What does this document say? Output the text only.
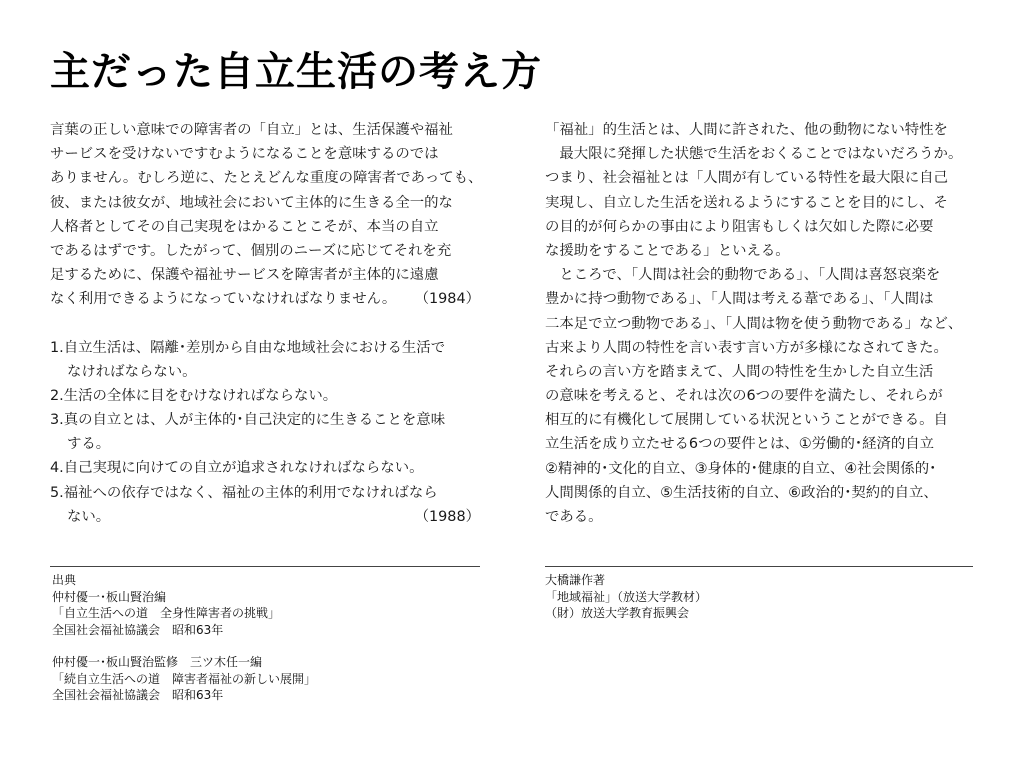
主だった自立生活の考え方
言葉の正しい意味での障害者の「自立」とは、生活保護や福祉
サービスを受けないですむようになることを意味するのでは
ありません。むしろ逆に、たとえどんな重度の障害者であっても、
彼、または彼女が、地域社会において主体的に生きる全一的な
人格者としてその自己実現をはかることこそが、本当の自立
であるはずです。したがって、個別のニーズに応じてそれを充
足するために、保護や福祉サービスを障害者が主体的に遠慮
なく利用できるようになっていなければなりません。 （1984）
1.自立生活は、隔離･差別から自由な地域社会における生活で
なければならない。
2.生活の全体に目をむけなければならない。
3.真の自立とは、人が主体的･自己決定的に生きることを意味
する。
4.自己実現に向けての自立が追求されなければならない。
5.福祉への依存ではなく、福祉の主体的利用でなければなら
ない。	（1988）
「福祉」的生活とは、人間に許された、他の動物にない特性を
　最大限に発揮した状態で生活をおくることではないだろうか。
つまり、社会福祉とは「人間が有している特性を最大限に自己
実現し、自立した生活を送れるようにすることを目的にし、そ
の目的が何らかの事由により阻害もしくは欠如した際に必要
な援助をすることである」といえる。
　ところで、「人間は社会的動物である」、「人間は喜怒哀楽を
豊かに持つ動物である」、「人間は考える葦である」、「人間は
二本足で立つ動物である」、「人間は物を使う動物である」など、
古来より人間の特性を言い表す言い方が多様になされてきた。
それらの言い方を踏まえて、人間の特性を生かした自立生活
の意味を考えると、それは次の6つの要件を満たし、それらが
相互的に有機化して展開している状況ということができる。自
立生活を成り立たせる6つの要件とは、①労働的･経済的自立
②精神的･文化的自立、③身体的･健康的自立、④社会関係的･
人間関係的自立、⑤生活技術的自立、⑥政治的･契約的自立、
である。
出典
仲村優一･板山賢治編
「自立生活への道　全身性障害者の挑戦」
全国社会福祉協議会　昭和63年
仲村優一･板山賢治監修　三ツ木任一編
「続自立生活への道　障害者福祉の新しい展開」
全国社会福祉協議会　昭和63年
大橋謙作著
「地域福祉」（放送大学教材）
（財）放送大学教育振興会
